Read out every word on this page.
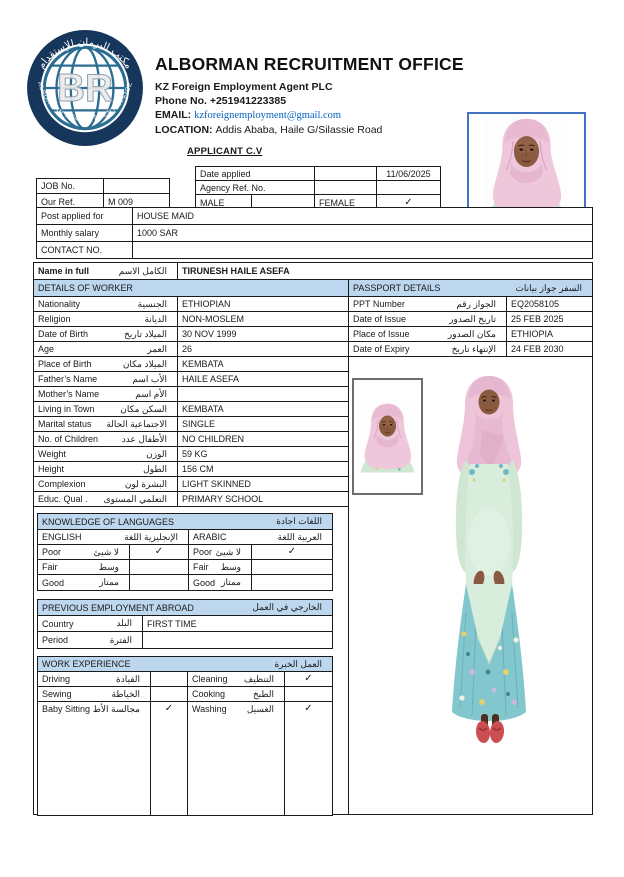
BR
مكتب البرمان للإستقدام
ALBORMAN RECRUITMENT OFFICE
ALBORMAN RECRUITMENT OFFICE
KZ Foreign Employment Agent PLC
Phone No. +251941223385
EMAIL: kzforeignemployment@gmail.com
LOCATION: Addis Ababa, Haile G/Silassie Road
APPLICANT C.V
JOB No.
Our Ref.	M 009
Date applied	11/06/2025
Agency Ref. No.
MALE	FEMALE	✓
Post applied for	HOUSE MAID
Monthly salary	1000 SAR
CONTACT NO.
Name in full	الكامل الاسم TIRUNESH HAILE ASEFA
DETAILS OF WORKER	PASSPORT DETAILS	السفر جواز بيانات
Nationality	الجنسية ETHIOPIAN
Religion	الديانة NON-MOSLEM
Date of Birth	الميلاد تاريخ 30 NOV 1999
Age	العمر 26
Place of Birth	الميلاد مكان KEMBATA
Father’s Name	الأب اسم HAILE ASEFA
Mother’s Name	الأم اسم
Living in Town	السكن مكان KEMBATA
Marital status الاجتماعية الحالة SINGLE
No. of Children	الأطفال عدد NO CHILDREN
Weight	الوزن 59 KG
Height	الطول 156 CM
Complexion	البشرة لون LIGHT SKINNED
Educ. Qual . التعلمي المستوى PRIMARY SCHOOL
PPT Number	الجواز رقم EQ2058105
Date of Issue	تاريخ الصدور 25 FEB 2025
Place of Issue	مكان الصدور ETHIOPIA
Date of Expiry	الإنتهاء تاريخ 24 FEB 2030
KNOWLEDGE OF LANGUAGES	اللغات اجادة
ENGLISH	الإنجليزية اللغة ARABIC	العربية اللغة
Poor	لا شيئ	✓	Poor لا شيئ	✓
Fair	وسط	Fair وسط
Good	ممتاز	Good ممتاز
PREVIOUS EMPLOYMENT ABROAD	الخارجي في العمل
Country	البلد FIRST TIME
Period	الفترة
WORK EXPERIENCE	العمل الخبرة
Driving	القيادة	Cleaning التنظيف	✓
Sewing	الخياطة	Cooking	الطبخ
Baby Sitting مجالسة الأط ✓ Washing الغسيل	✓
